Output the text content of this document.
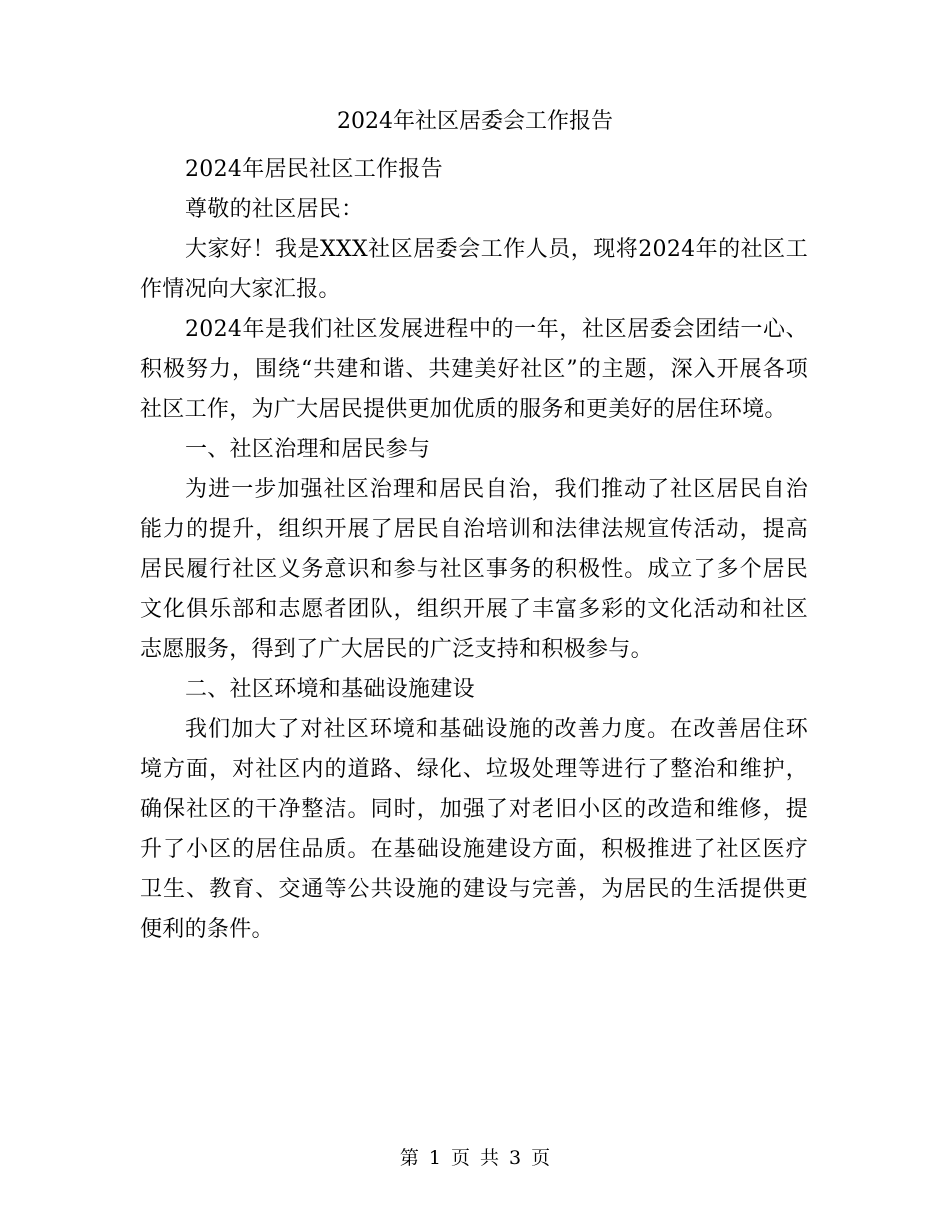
2024年社区居委会工作报告

2024年居民社区工作报告

尊敬的社区居民：

大家好！我是XXX社区居委会工作人员，现将2024年的社区工作情况向大家汇报。

2024年是我们社区发展进程中的一年，社区居委会团结一心、积极努力，围绕“共建和谐、共建美好社区”的主题，深入开展各项社区工作，为广大居民提供更加优质的服务和更美好的居住环境。

一、社区治理和居民参与

为进一步加强社区治理和居民自治，我们推动了社区居民自治能力的提升，组织开展了居民自治培训和法律法规宣传活动，提高居民履行社区义务意识和参与社区事务的积极性。成立了多个居民文化俱乐部和志愿者团队，组织开展了丰富多彩的文化活动和社区志愿服务，得到了广大居民的广泛支持和积极参与。

二、社区环境和基础设施建设

我们加大了对社区环境和基础设施的改善力度。在改善居住环境方面，对社区内的道路、绿化、垃圾处理等进行了整治和维护，确保社区的干净整洁。同时，加强了对老旧小区的改造和维修，提升了小区的居住品质。在基础设施建设方面，积极推进了社区医疗卫生、教育、交通等公共设施的建设与完善，为居民的生活提供更便利的条件。

第 1 页 共 3 页
